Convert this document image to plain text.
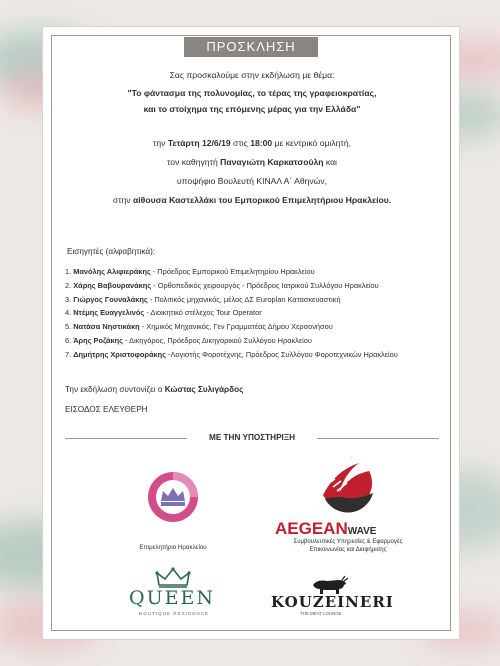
ΠΡΟΣΚΛΗΣΗ
Σας προσκαλούμε στην εκδήλωση με θέμα:
"Το φάντασμα της πολυνομίας, το τέρας της γραφειοκρατίας,
και το στοίχημα της επόμενης μέρας για την Ελλάδα"
την Τετάρτη 12/6/19 στις 18:00 με κεντρικό ομιλητή,
τον καθηγητή Παναγιώτη Καρκατσούλη και
υποψήφιο Βουλευτή ΚΙΝΑΛ Α΄ Αθηνών,
στην αίθουσα Καστελλάκι του Εμπορικού Επιμελητήριου Ηρακλείου.
Εισηγητές (αλφαβητικά):
1. Μανόλης Αλιφιεράκης - Πρόεδρος Εμπορικού Επιμελητηρίου Ηρακλείου
2. Χάρης Βαβουρανάκης - Ορθοπεδικός χειρουργός - Πρόεδρος Ιατρικού Συλλόγου Ηρακλείου
3. Γιώργος Γουναλάκης - Πολιτικός μηχανικός, μέλος ΔΣ Europlan Κατασκευαστική
4. Ντέμης Ευαγγελινός - Διοικητικό στέλεχος Tour Operator
5. Νατάσα Νηστικάκη - Χημικός Μηχανικός, Γεν Γραμματέας Δήμου Χερσονήσου
6. Άρης Ροζάκης - Δικηγόρος, Πρόεδρος Δικηγορικού Συλλόγου Ηρακλείου
7. Δημήτρης Χριστοφοράκης -Λογιστής Φοροτέχνης, Πρόεδρος Συλλόγου Φοροτεχνικών Ηρακλείου
Την εκδήλωση συντονίζει ο Κώστας Συλιγάρδος
ΕΙΣΟΔΟΣ ΕΛΕΥΘΕΡΗ
ΜΕ ΤΗΝ ΥΠΟΣΤΗΡΙΞΗ
Επιμελητήριο Ηρακλείου
AEGEANWAVE
Συμβουλευτικές Υπηρεσίες & Εφαρμογές
Επικοινωνίας και Διαφήμισης
QUEEN
BOUTIQUE RESIDENCE
KOUZEINERI
THE MEAT LOUNGE
